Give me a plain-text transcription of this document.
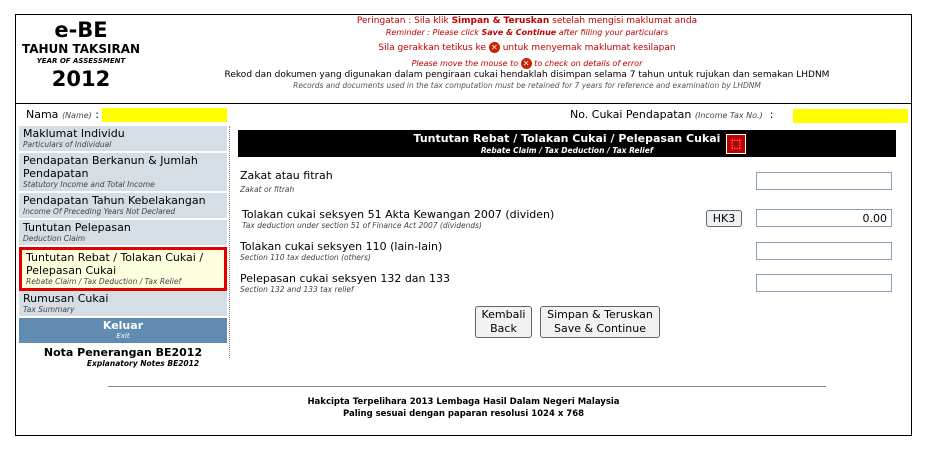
e-BE
TAHUN TAKSIRAN
YEAR OF ASSESSMENT
2012
Peringatan : Sila klik Simpan & Teruskan setelah mengisi maklumat anda
Reminder : Please click Save & Continue after filling your particulars
Sila gerakkan tetikus ke ✕ untuk menyemak maklumat kesilapan
Please move the mouse to ✕ to check on details of error
Rekod dan dokumen yang digunakan dalam pengiraan cukai hendaklah disimpan selama 7 tahun untuk rujukan dan semakan LHDNM
Records and documents used in the tax computation must be retained for 7 years for reference and examination by LHDNM
Nama (Name) :	No. Cukai Pendapatan (Income Tax No.)  :
Maklumat Individu
Particulars of Individual
Pendapatan Berkanun & Jumlah Pendapatan
Statutory Income and Total Income
Pendapatan Tahun Kebelakangan
Income Of Preceding Years Not Declared
Tuntutan Pelepasan
Deduction Claim
Tuntutan Rebat / Tolakan Cukai / Pelepasan Cukai
Rebate Claim / Tax Deduction / Tax Relief
Rumusan Cukai
Tax Summary
Keluar
Exit
Nota Penerangan BE2012
Explanatory Notes BE2012
Tuntutan Rebat / Tolakan Cukai / Pelepasan Cukai
Rebate Claim / Tax Deduction / Tax Relief
⬚
Zakat atau fitrah
Zakat or fitrah
Tolakan cukai seksyen 51 Akta Kewangan 2007 (dividen)
Tax deduction under section 51 of Finance Act 2007 (dividends)
HK3
0.00
Tolakan cukai seksyen 110 (lain-lain)
Section 110 tax deduction (others)
Pelepasan cukai seksyen 132 dan 133
Section 132 and 133 tax relief
Kembali
Back
Simpan & Teruskan
Save & Continue
Hakcipta Terpelihara 2013 Lembaga Hasil Dalam Negeri Malaysia
Paling sesuai dengan paparan resolusi 1024 x 768
